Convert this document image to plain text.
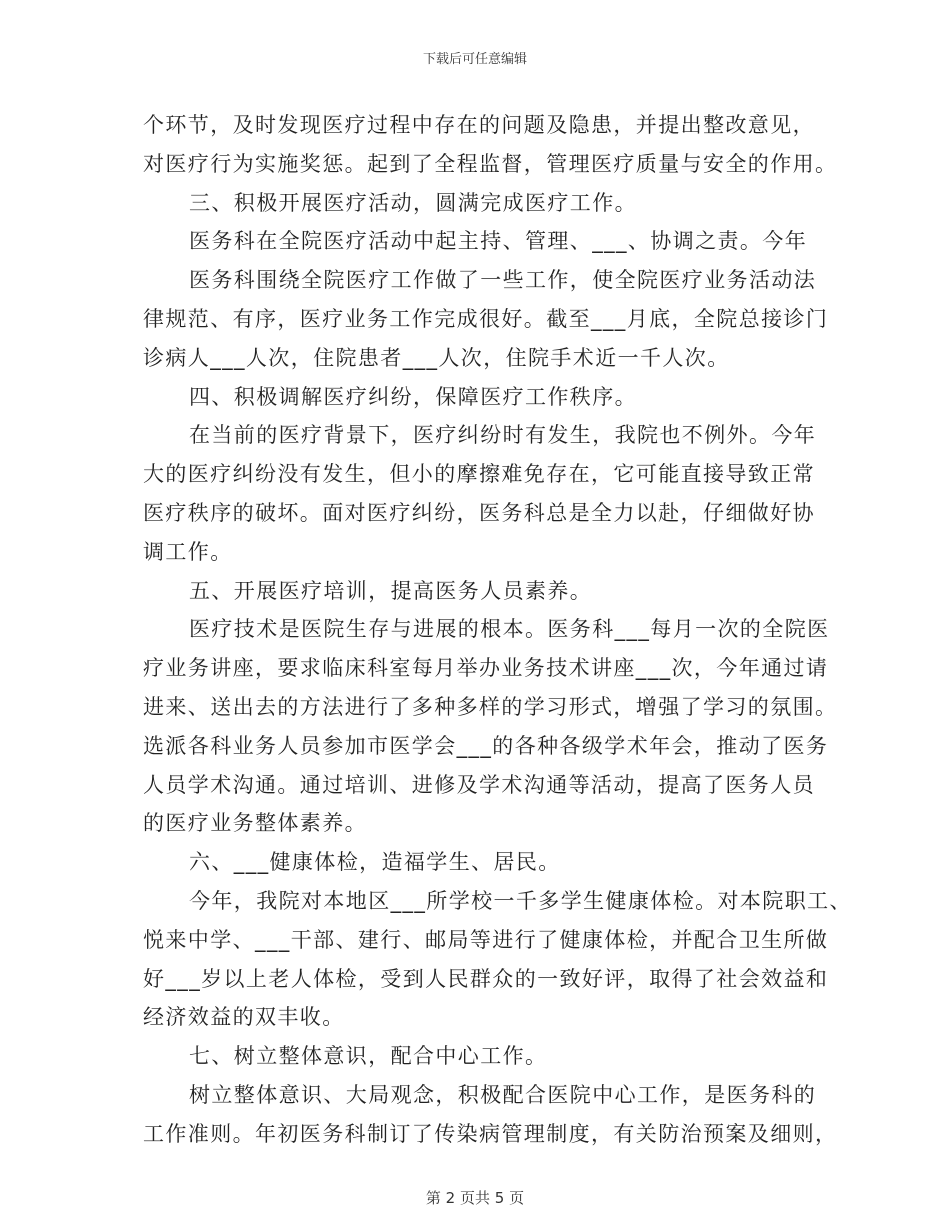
下载后可任意编辑
个环节，及时发现医疗过程中存在的问题及隐患，并提出整改意见，
对医疗行为实施奖惩。起到了全程监督，管理医疗质量与安全的作用。
三、积极开展医疗活动，圆满完成医疗工作。
医务科在全院医疗活动中起主持、管理、___、协调之责。今年
医务科围绕全院医疗工作做了一些工作，使全院医疗业务活动法
律规范、有序，医疗业务工作完成很好。截至___月底，全院总接诊门
诊病人___人次，住院患者___人次，住院手术近一千人次。
四、积极调解医疗纠纷，保障医疗工作秩序。
在当前的医疗背景下，医疗纠纷时有发生，我院也不例外。今年
大的医疗纠纷没有发生，但小的摩擦难免存在，它可能直接导致正常
医疗秩序的破坏。面对医疗纠纷，医务科总是全力以赴，仔细做好协
调工作。
五、开展医疗培训，提高医务人员素养。
医疗技术是医院生存与进展的根本。医务科___每月一次的全院医
疗业务讲座，要求临床科室每月举办业务技术讲座___次，今年通过请
进来、送出去的方法进行了多种多样的学习形式，增强了学习的氛围。
选派各科业务人员参加市医学会___的各种各级学术年会，推动了医务
人员学术沟通。通过培训、进修及学术沟通等活动，提高了医务人员
的医疗业务整体素养。
六、___健康体检，造福学生、居民。
今年，我院对本地区___所学校一千多学生健康体检。对本院职工、
悦来中学、___干部、建行、邮局等进行了健康体检，并配合卫生所做
好___岁以上老人体检，受到人民群众的一致好评，取得了社会效益和
经济效益的双丰收。
七、树立整体意识，配合中心工作。
树立整体意识、大局观念，积极配合医院中心工作，是医务科的
工作准则。年初医务科制订了传染病管理制度，有关防治预案及细则，
第 2 页共 5 页
